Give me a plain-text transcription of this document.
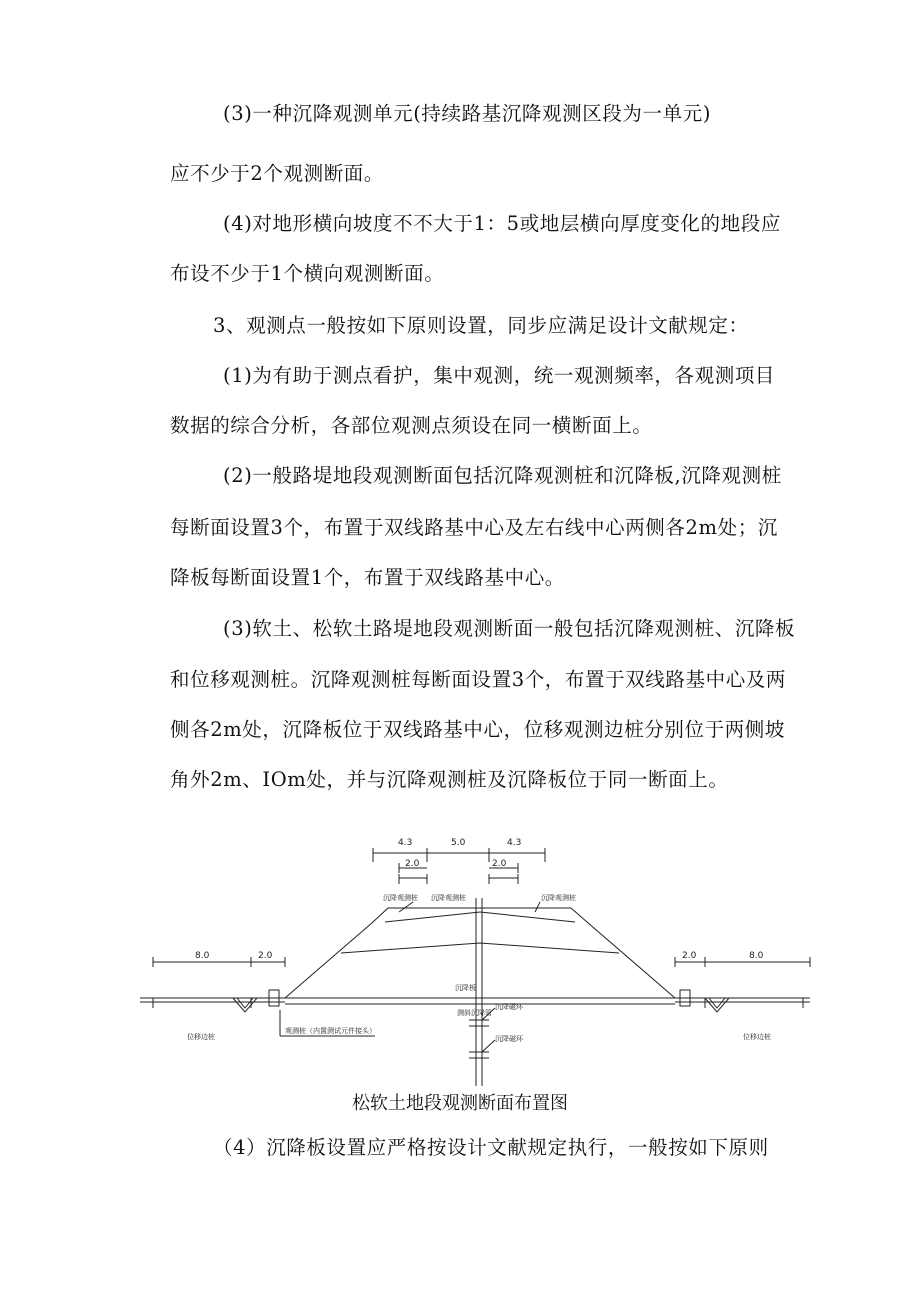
(3)一种沉降观测单元(持续路基沉降观测区段为一单元)
应不少于2个观测断面。
(4)对地形横向坡度不不大于1：5或地层横向厚度变化的地段应
布设不少于1个横向观测断面。
3、观测点一般按如下原则设置，同步应满足设计文献规定：
(1)为有助于测点看护，集中观测，统一观测频率，各观测项目
数据的综合分析，各部位观测点须设在同一横断面上。
(2)一般路堤地段观测断面包括沉降观测桩和沉降板,沉降观测桩
每断面设置3个，布置于双线路基中心及左右线中心两侧各2m处；沉
降板每断面设置1个，布置于双线路基中心。
(3)软土、松软土路堤地段观测断面一般包括沉降观测桩、沉降板
和位移观测桩。沉降观测桩每断面设置3个，布置于双线路基中心及两
侧各2m处，沉降板位于双线路基中心，位移观测边桩分别位于两侧坡
角外2m、IOm处，并与沉降观测桩及沉降板位于同一断面上。
4.3	5.0	4.3
2.0	2.0
8.0	2.0	2.0	8.0
沉降观测桩 沉降观测桩	沉降观测桩
沉降板
测斜沉降管
沉降磁环
沉降磁环
观测桩（内置测试元件接头）
位移边桩	位移边桩
松软土地段观测断面布置图
（4）沉降板设置应严格按设计文献规定执行，一般按如下原则
